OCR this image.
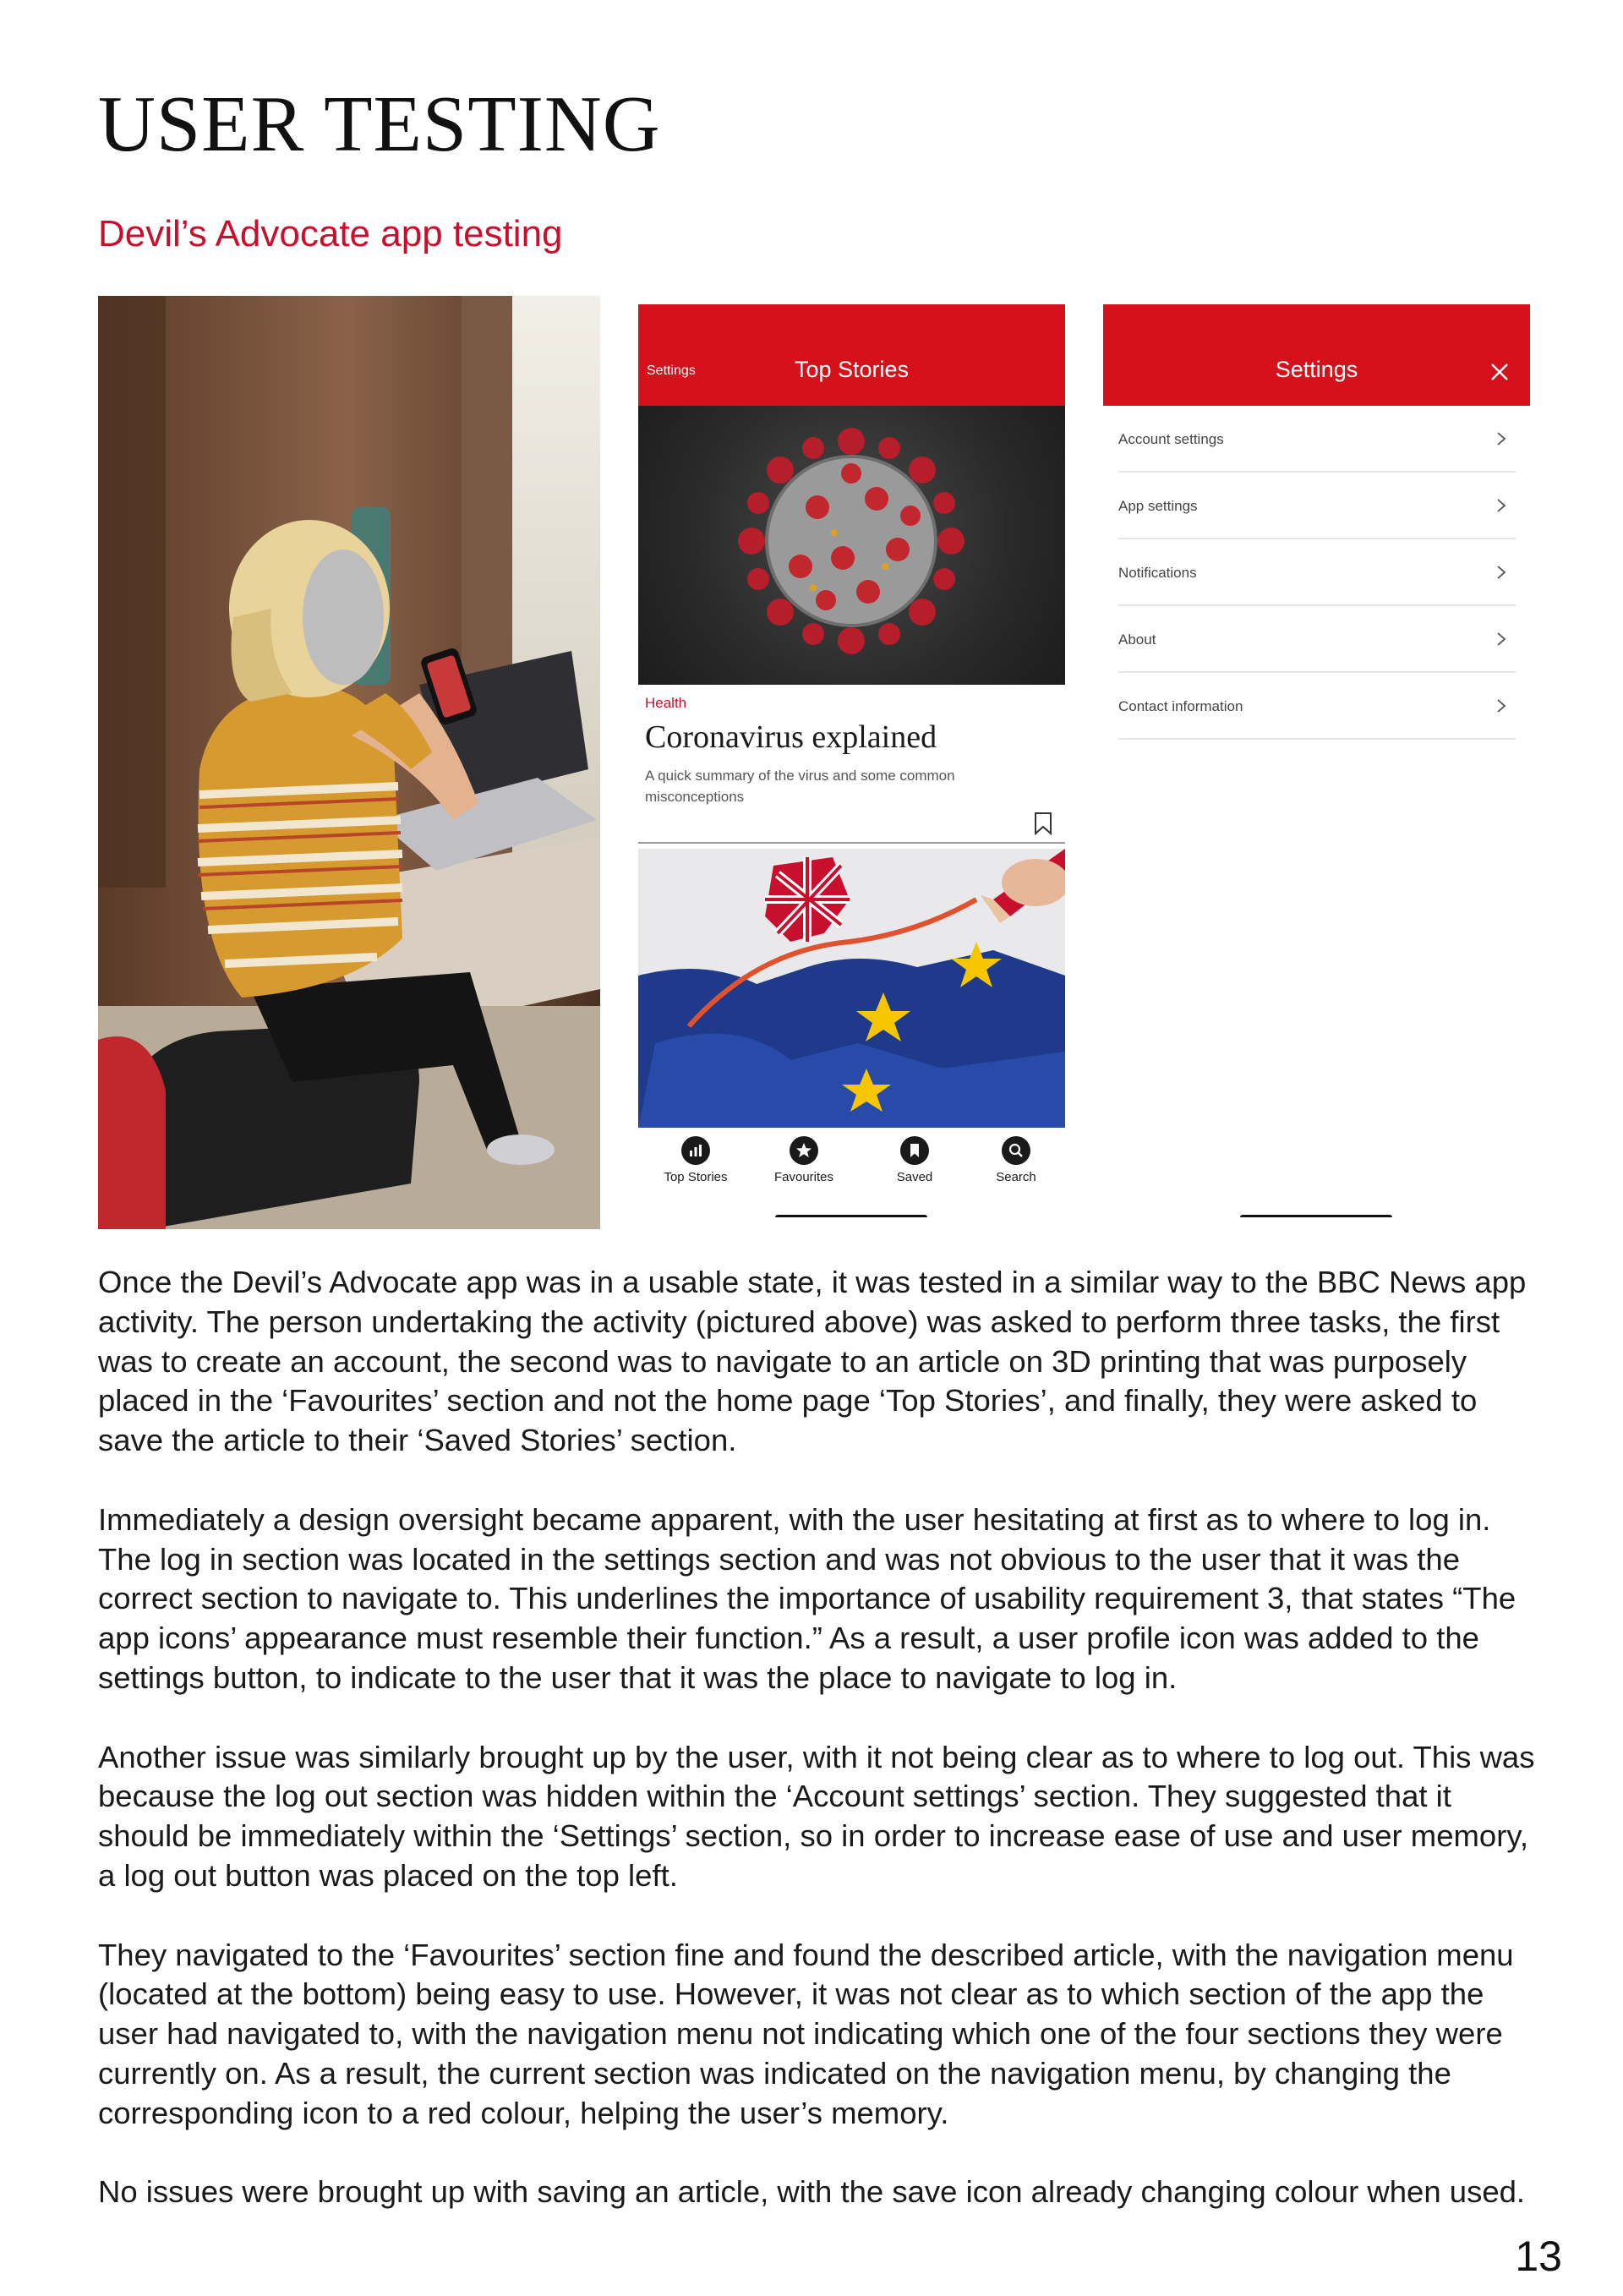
USER TESTING
Devil’s Advocate app testing
Settings	Top Stories
Health
Coronavirus explained
A quick summary of the virus and some common misconceptions
Top Stories	Favourites	Saved	Search
Settings
Account settings
App settings
Notifications
About
Contact information

Once the Devil’s Advocate app was in a usable state, it was tested in a similar way to the BBC News app activity. The person undertaking the activity (pictured above) was asked to perform three tasks, the first was to create an account, the second was to navigate to an article on 3D printing that was purposely placed in the ‘Favourites’ section and not the home page ‘Top Stories’, and finally, they were asked to save the article to their ‘Saved Stories’ section.

Immediately a design oversight became apparent, with the user hesitating at first as to where to log in. The log in section was located in the settings section and was not obvious to the user that it was the correct section to navigate to. This underlines the importance of usability requirement 3, that states “The app icons’ appearance must resemble their function.” As a result, a user profile icon was added to the settings button, to indicate to the user that it was the place to navigate to log in.

Another issue was similarly brought up by the user, with it not being clear as to where to log out. This was because the log out section was hidden within the ‘Account settings’ section. They suggested that it should be immediately within the ‘Settings’ section, so in order to increase ease of use and user memory, a log out button was placed on the top left.

They navigated to the ‘Favourites’ section fine and found the described article, with the navigation menu (located at the bottom) being easy to use. However, it was not clear as to which section of the app the user had navigated to, with the navigation menu not indicating which one of the four sections they were currently on. As a result, the current section was indicated on the navigation menu, by changing the corresponding icon to a red colour, helping the user’s memory.

No issues were brought up with saving an article, with the save icon already changing colour when used.

13
